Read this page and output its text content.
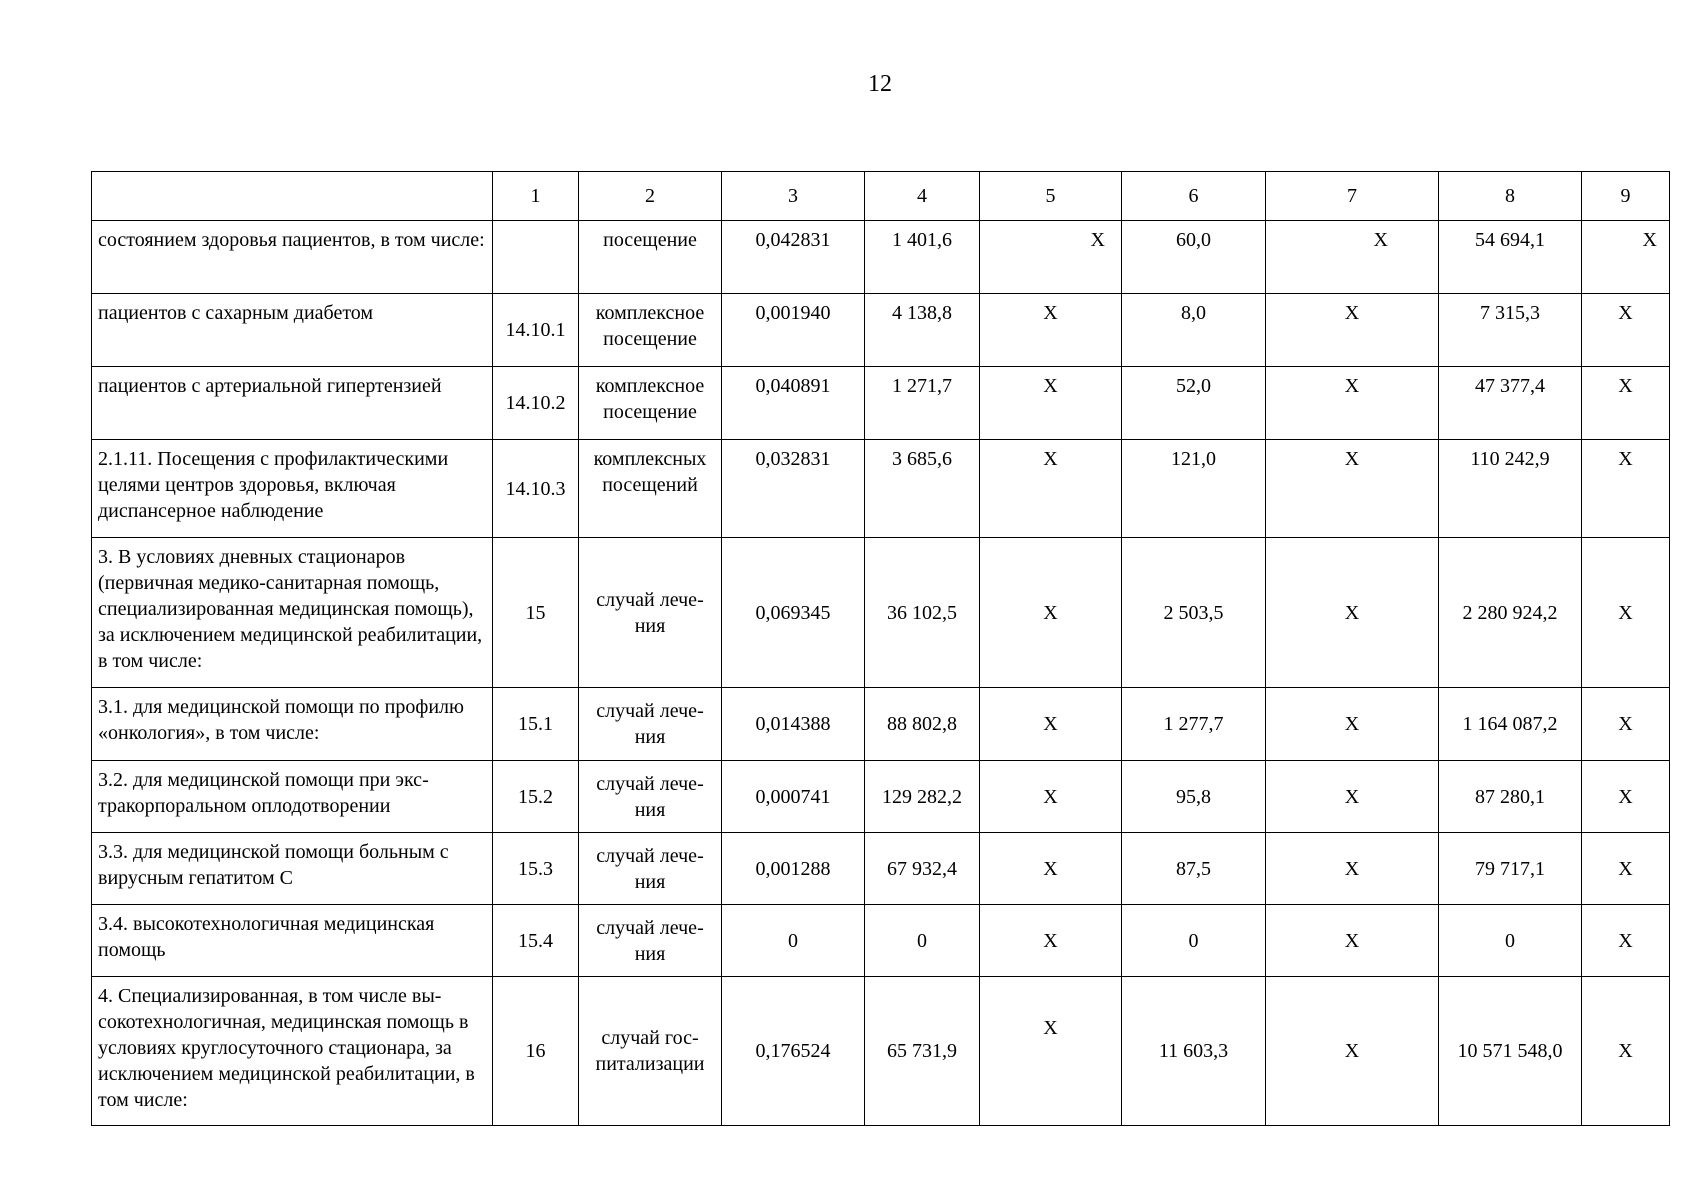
12
	1	2	3	4	5	6	7	8	9
состоянием здоровья пациентов, в том числе:		посещение	0,042831	1 401,6	Х	60,0	Х	54 694,1	Х
пациентов с сахарным диабетом	14.10.1	комплексное посещение	0,001940	4 138,8	Х	8,0	Х	7 315,3	Х
пациентов с артериальной гипертензией	14.10.2	комплексное посещение	0,040891	1 271,7	Х	52,0	Х	47 377,4	Х
2.1.11. Посещения с профилактическими целями центров здоровья, включая диспансерное наблюдение	14.10.3	комплексных посещений	0,032831	3 685,6	Х	121,0	Х	110 242,9	Х
3. В условиях дневных стационаров (первичная медико-санитарная помощь, специализированная медицинская помощь), за исключением медицинской реабилитации, в том числе:	15	случай лечения	0,069345	36 102,5	Х	2 503,5	Х	2 280 924,2	Х
3.1. для медицинской помощи по профилю «онкология», в том числе:	15.1	случай лечения	0,014388	88 802,8	Х	1 277,7	Х	1 164 087,2	Х
3.2. для медицинской помощи при экстракорпоральном оплодотворении	15.2	случай лечения	0,000741	129 282,2	Х	95,8	Х	87 280,1	Х
3.3. для медицинской помощи больным с вирусным гепатитом С	15.3	случай лечения	0,001288	67 932,4	Х	87,5	Х	79 717,1	Х
3.4. высокотехнологичная медицинская помощь	15.4	случай лечения	0	0	Х	0	Х	0	Х
4. Специализированная, в том числе высокотехнологичная, медицинская помощь в условиях круглосуточного стационара, за исключением медицинской реабилитации, в том числе:	16	случай госпитализации	0,176524	65 731,9	Х	11 603,3	Х	10 571 548,0	Х
